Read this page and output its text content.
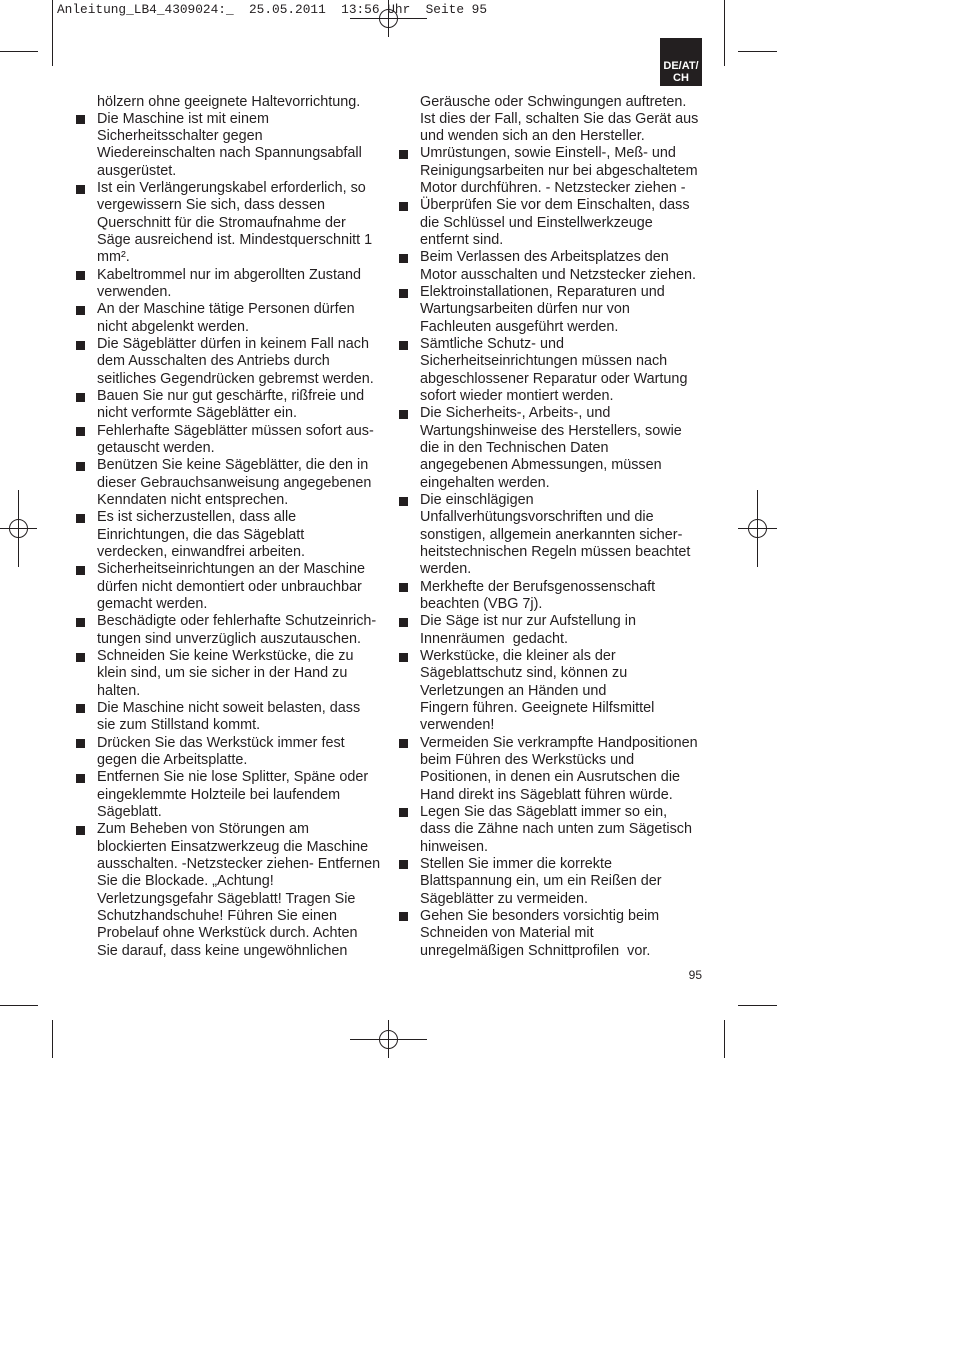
Anleitung_LB4_4309024:_  25.05.2011  13:56 Uhr  Seite 95
DE/AT/
CH
hölzern ohne geeignete Haltevorrichtung.
Die Maschine ist mit einem
Sicherheitsschalter gegen
Wiedereinschalten nach Spannungsabfall
ausgerüstet.
Ist ein Verlängerungskabel erforderlich, so
vergewissern Sie sich, dass dessen
Querschnitt für die Stromaufnahme der
Säge ausreichend ist. Mindestquerschnitt 1
mm².
Kabeltrommel nur im abgerollten Zustand
verwenden.
An der Maschine tätige Personen dürfen
nicht abgelenkt werden.
Die Sägeblätter dürfen in keinem Fall nach
dem Ausschalten des Antriebs durch
seitliches Gegendrücken gebremst werden.
Bauen Sie nur gut geschärfte, rißfreie und
nicht verformte Sägeblätter ein.
Fehlerhafte Sägeblätter müssen sofort aus-
getauscht werden.
Benützen Sie keine Sägeblätter, die den in
dieser Gebrauchsanweisung angegebenen
Kenndaten nicht entsprechen.
Es ist sicherzustellen, dass alle
Einrichtungen, die das Sägeblatt
verdecken, einwandfrei arbeiten.
Sicherheitseinrichtungen an der Maschine
dürfen nicht demontiert oder unbrauchbar
gemacht werden.
Beschädigte oder fehlerhafte Schutzeinrich-
tungen sind unverzüglich auszutauschen.
Schneiden Sie keine Werkstücke, die zu
klein sind, um sie sicher in der Hand zu
halten.
Die Maschine nicht soweit belasten, dass
sie zum Stillstand kommt.
Drücken Sie das Werkstück immer fest
gegen die Arbeitsplatte.
Entfernen Sie nie lose Splitter, Späne oder
eingeklemmte Holzteile bei laufendem
Sägeblatt.
Zum Beheben von Störungen am
blockierten Einsatzwerkzeug die Maschine
ausschalten. -Netzstecker ziehen- Entfernen
Sie die Blockade. „Achtung!
Verletzungsgefahr Sägeblatt! Tragen Sie
Schutzhandschuhe! Führen Sie einen
Probelauf ohne Werkstück durch. Achten
Sie darauf, dass keine ungewöhnlichen
Geräusche oder Schwingungen auftreten.
Ist dies der Fall, schalten Sie das Gerät aus
und wenden sich an den Hersteller.
Umrüstungen, sowie Einstell-, Meß- und
Reinigungsarbeiten nur bei abgeschaltetem
Motor durchführen. - Netzstecker ziehen -
Überprüfen Sie vor dem Einschalten, dass
die Schlüssel und Einstellwerkzeuge
entfernt sind.
Beim Verlassen des Arbeitsplatzes den
Motor ausschalten und Netzstecker ziehen.
Elektroinstallationen, Reparaturen und
Wartungsarbeiten dürfen nur von
Fachleuten ausgeführt werden.
Sämtliche Schutz- und
Sicherheitseinrichtungen müssen nach
abgeschlossener Reparatur oder Wartung
sofort wieder montiert werden.
Die Sicherheits-, Arbeits-, und
Wartungshinweise des Herstellers, sowie
die in den Technischen Daten
angegebenen Abmessungen, müssen
eingehalten werden.
Die einschlägigen
Unfallverhütungsvorschriften und die
sonstigen, allgemein anerkannten sicher-
heitstechnischen Regeln müssen beachtet
werden.
Merkhefte der Berufsgenossenschaft
beachten (VBG 7j).
Die Säge ist nur zur Aufstellung in
Innenräumen  gedacht.
Werkstücke, die kleiner als der
Sägeblattschutz sind, können zu
Verletzungen an Händen und
Fingern führen. Geeignete Hilfsmittel
verwenden!
Vermeiden Sie verkrampfte Handpositionen
beim Führen des Werkstücks und
Positionen, in denen ein Ausrutschen die
Hand direkt ins Sägeblatt führen würde.
Legen Sie das Sägeblatt immer so ein,
dass die Zähne nach unten zum Sägetisch
hinweisen.
Stellen Sie immer die korrekte
Blattspannung ein, um ein Reißen der
Sägeblätter zu vermeiden.
Gehen Sie besonders vorsichtig beim
Schneiden von Material mit
unregelmäßigen Schnittprofilen  vor.
95
